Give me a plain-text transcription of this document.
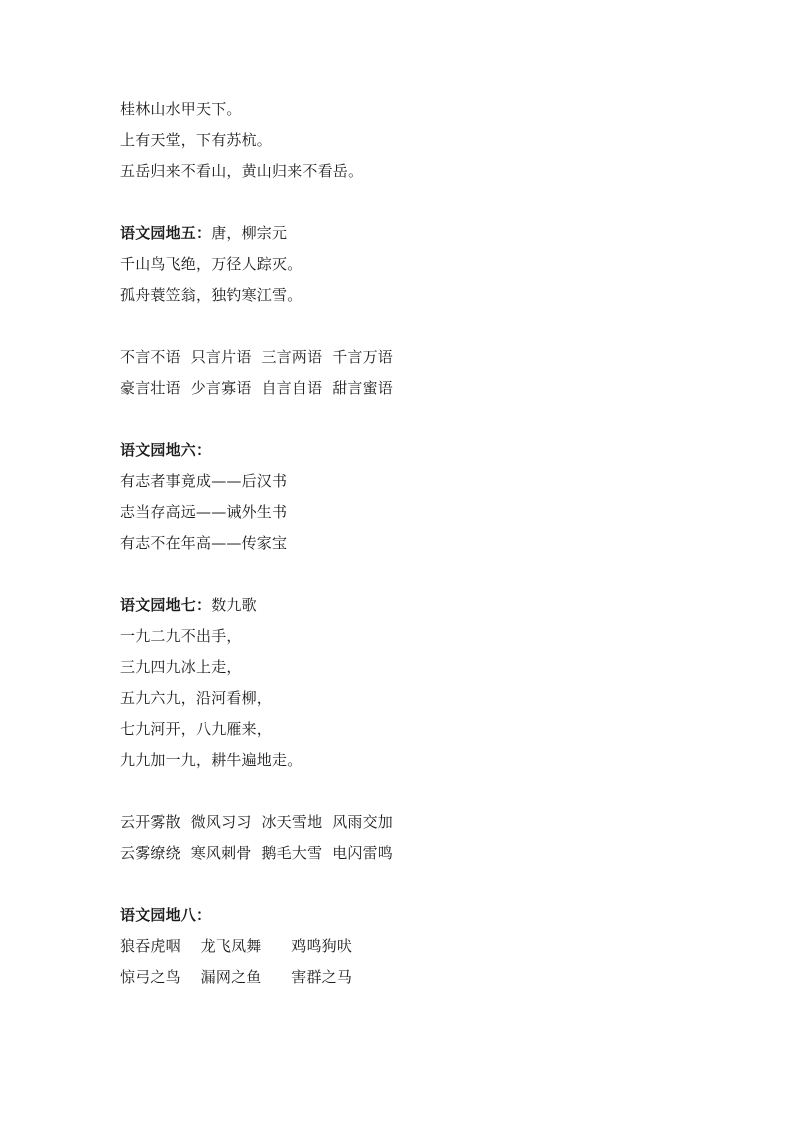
桂林山水甲天下。
上有天堂，下有苏杭。
五岳归来不看山，黄山归来不看岳。
语文园地五：唐，柳宗元
千山鸟飞绝，万径人踪灭。
孤舟蓑笠翁，独钓寒江雪。
不言不语  只言片语  三言两语  千言万语
豪言壮语  少言寡语  自言自语  甜言蜜语
语文园地六：
有志者事竟成——后汉书
志当存高远——诫外生书
有志不在年高——传家宝
语文园地七：数九歌
一九二九不出手，
三九四九冰上走，
五九六九，沿河看柳，
七九河开，八九雁来，
九九加一九，耕牛遍地走。
云开雾散  微风习习  冰天雪地  风雨交加
云雾缭绕  寒风刺骨  鹅毛大雪  电闪雷鸣
语文园地八：
狼吞虎咽    龙飞凤舞      鸡鸣狗吠
惊弓之鸟    漏网之鱼      害群之马
